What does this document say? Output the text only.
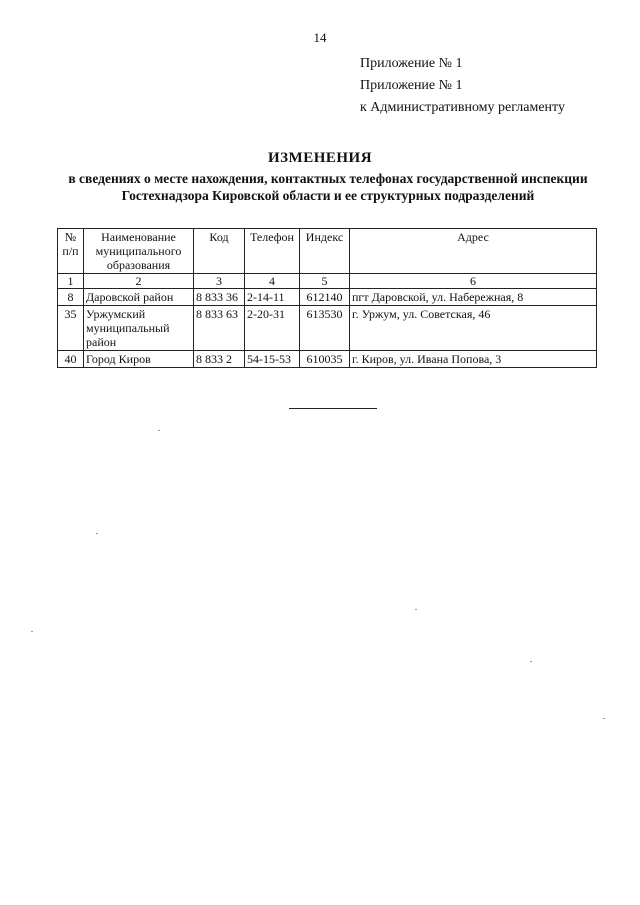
14
Приложение № 1
Приложение № 1
к Административному регламенту
ИЗМЕНЕНИЯ
в сведениях о месте нахождения, контактных телефонах государственной инспекции Гостехнадзора Кировской области и ее структурных подразделений
№ п/п	Наименование муниципального образования	Код	Телефон	Индекс	Адрес
1	2	3	4	5	6
8	Даровской район	8 833 36	2-14-11	612140	пгт Даровской, ул. Набережная, 8
35	Уржумский муниципальный район	8 833 63	2-20-31	613530	г. Уржум, ул. Советская, 46
40	Город Киров	8 833 2	54-15-53	610035	г. Киров, ул. Ивана Попова, 3
